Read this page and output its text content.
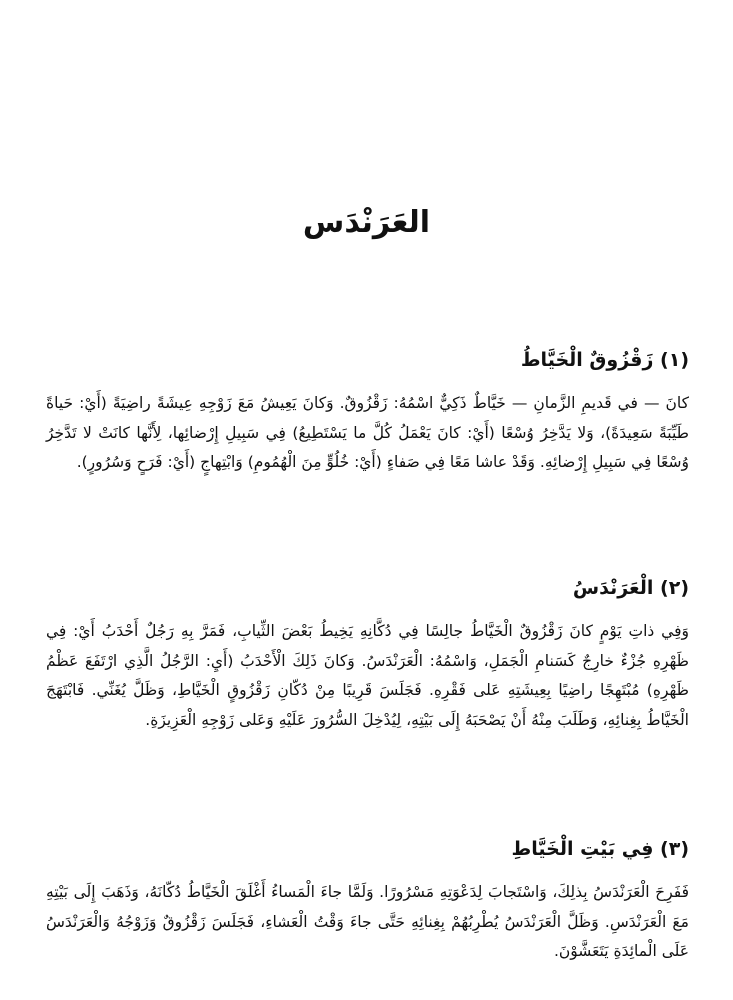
العَرَنْدَس
(١) زَقْزُوقٌ الْخَيَّاطُ

كانَ — في قَديمِ الزَّمانِ — خَيَّاطٌ ذَكِيٌّ اسْمُهُ: زَقْزُوقٌ. وَكانَ يَعِيشُ مَعَ زَوْجِهِ عِيشَةً راضِيَةً (أَيْ: حَياةً طَيِّبَةً سَعِيدَةً)، وَلا يَدَّخِرُ وُسْعًا (أَيْ: كانَ يَعْمَلُ كُلَّ ما يَسْتَطِيعُ) فِي سَبِيلِ إِرْضائِها، لِأَنَّها كانَتْ لا تَدَّخِرُ وُسْعًا فِي سَبِيلِ إِرْضائِهِ. وَقَدْ عاشا مَعًا فِي صَفاءٍ (أَيْ: خُلُوٍّ مِنَ الْهُمُومِ) وَابْتِهاجٍ (أَيْ: فَرَحٍ وَسُرُورٍ).

(٢) الْعَرَنْدَسُ

وَفِي ذاتِ يَوْمٍ كانَ زَقْزُوقٌ الْخَيَّاطُ جالِسًا فِي دُكَّانِهِ يَخِيطُ بَعْضَ الثِّيابِ، فَمَرَّ بِهِ رَجُلٌ أَحْدَبُ أَيْ: فِي ظَهْرِهِ جُزْءٌ خارِجٌ كَسَنامِ الْجَمَلِ، وَاسْمُهُ: الْعَرَنْدَسُ. وَكانَ ذَلِكَ الْأَحْدَبُ (أَيِ: الرَّجُلُ الَّذِي ارْتَفَعَ عَظْمُ ظَهْرِهِ) مُبْتَهِجًا راضِيًا بِعِيشَتِهِ عَلى فَقْرِهِ. فَجَلَسَ قَرِيبًا مِنْ دُكّانِ زَقْزُوقٍ الْخَيَّاطِ، وَظَلَّ يُغَنِّي. فَابْتَهَجَ الْخَيَّاطُ بِغِنائِهِ، وَطَلَبَ مِنْهُ أَنْ يَصْحَبَهُ إِلَى بَيْتِهِ، لِيُدْخِلَ السُّرُورَ عَلَيْهِ وَعَلى زَوْجِهِ الْعَزِيزَةِ.

(٣) فِي بَيْتِ الْخَيَّاطِ

فَفَرِحَ الْعَرَنْدَسُ بِذلِكَ، وَاسْتَجابَ لِدَعْوَتِهِ مَسْرُورًا. وَلَمَّا جاءَ الْمَساءُ أَغْلَقَ الْخَيَّاطُ دُكّانَهُ، وَذَهَبَ إِلَى بَيْتِهِ مَعَ الْعَرَنْدَسِ. وَظَلَّ الْعَرَنْدَسُ يُطْرِبُهُمْ بِغِنائِهِ حَتَّى جاءَ وَقْتُ الْعَشاءِ، فَجَلَسَ زَقْزُوقٌ وَزَوْجُهُ وَالْعَرَنْدَسُ عَلَى الْمائِدَةِ يَتَعَشَّوْنَ.
